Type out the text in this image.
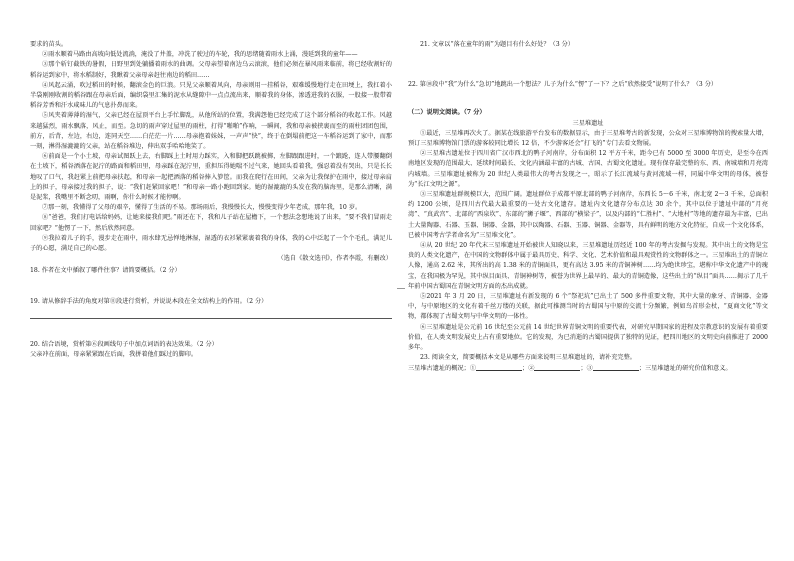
要求的苗头。

②雨水顺着马路由高坡向低处流淌，淹没了井盖，冲洗了驶过的车轮，我的思绪随着雨水上涌，漫延到我的童年——

③那个斩钉截铁的暑假，日野里到处躺播着雨水的曲调。父母亲望着南边乌云滚滚，他们必须在暴风雨来临前，将已经收割好的稻谷运到家中，将水稻制好，我瞅着父亲母亲赶往南边的稻田……

④风起云涌，吹过稻田的时候，翻滚金色的巨浪。只见父亲顺着风向，母亲则用一挂稻谷，艰难缓慢地行走在田埂上，我扛着小半袋刚刚收割的稻谷跟在母亲后面，编织袋里汇集的泥水从缝隙中一点点流出来，顺着我的身体，渗透进我的衣服，一股接一股带着稻谷芳香和汗水咸味儿的气息扑鼻而来。

⑤风夹着薄薄的湿气，父亲已经在屋顶平台上手忙脚乱，从他所站的位置，我满怨他已经完成了这个部分稻谷的收起工作。风越来越猛烈，雨水飘落，风止，而至。急切的雨声穿过屋里的雨柱，打得“啪啪”作响，一瞬间，我和母亲被挟裹而至的雨柱团团包围，前方，后背，左边，右边，连同天空……白茫茫一片……母亲抱着妹妹，一声声“快”，终于在倒塌前把这一车稻谷运到了家中，而那一刻，淋得湿漉漉的父亲，站在稻谷堆边，伸出双手哈哈地笑了。

⑥前面是一个小土坡，母亲试图跃上去，右脚踩上土时用力踩实，入和脚把跃跳被掷，左脚跟跟进时，一个踉跄，连人带腰翻倒在土坡下，稻谷洒落在泥泞的路面和稻田里，母亲踩在泥泞里，重担压得她喘不过气来，她回头看着我，强忍着没有哭出，只是长长地叹了口气，我赶紧上前把母亲扶起，和母亲一起把洒落的稻谷捧入箩筐。而我在爬行在田间，父亲为让我保护在雨中，接过母亲肩上的担子，母亲接过我的担子，说：“我们赶紧回家吧！”和母亲一路小跑回到家。她的湿漉漉的头发在我的脑海里，是那么清晰，满是泥浆，我嘴里不断念叨，雨啊，你什么时候才能停啊。

⑦那一刻，我懂得了父母的艰辛，懂得了生活的不易。那场雨后，我慢慢长大，慢慢变得少年老成，那年我，10 岁。

⑧“爸爸，我们打电话给妈妈，让她来接我们吧。”雨还在下，我和儿子站在屋檐下，一个想法念想地说了出来，“要不我们冒雨走回家吧？”他愣了一下，然后欣然同意。

⑨我拉着儿子的手，漫步走在雨中，雨水肆无忌惮地淋湿，湿透的衣衫紧紧裹着我的身体，我的心中泛起了一个个毛孔，满足儿子的心愿，满足自己的心愿。

（选自《散文选刊》，作者李霞，有删改）

18. 作者在文中插叙了哪件往事？请简要概括。（2 分）

19. 请从修辞手法的角度对第⑪段进行赏析，并说说本段在全文结构上的作用。（2 分）

20. 结合语境，赏析第⑥段画线句子中加点词语的表达效果。（2 分）

父亲冲在前面，母亲紧紧跟在后面，我拼着他们踩过的脚印。

21. 文章以“落在童年的雨”为题目有什么好处？（3 分）

22. 第⑩段中“我”为什么“急切”地跳出一个想法？儿子为什么“愣”了一下？之后“欣然接受”说明了什么？（3 分）

（二）说明文阅读。（7 分）

三星堆遗址

①最近，三星堆再次火了。据某在线旅游平台发布的数据显示，由于三星堆考古的新发现，公众对三星堆博物馆的搜索量大增，预订三星堆博物馆门票的游客较同比增长 12 倍，不少游客还会“打飞的”专门去看文物展。

②三星堆古遗址位于四川省广汉市西北的鸭子河南岸，分布面积 12 平方千米，距今已有 5000 至 3000 年历史，是至今在西南地区发现的范围最大、延续时间最长、文化内涵最丰富的古城、古国、古蜀文化遗址。现有保存最完整的东、西、南城墙和月亮湾内城墙。三星堆遗址被称为 20 世纪人类最伟大的考古发现之一，昭示了长江流域与黄河流域一样，同属中华文明的母体，被誉为“长江文明之源”。

③三星堆遗址群规模巨大，范围广阔。遗址群位于成都平原北部的鸭子河南岸，东西长 5～6 千米，南北宽 2～3 千米，总面积约 1200 公顷，是四川古代最大最重要的一处古文化遗存。遗址内文化遗存分布点达 30 余个，其中以位于遗址中部的“月亮湾”、“真武宫”、北部的“西泉坎”、东部的“狮子堰”、西部的“横梁子”，以及内部的“仁胜村”、“大地村”等地的遗存最为丰富，已出土大量陶器、石器、玉器、铜器、金器，其中以陶器、石器、玉器、铜器、金器等，具有鲜明的地方文化特征，自成一个文化体系，已被中国考古学者命名为“三星堆文化”。

④从 20 世纪 20 年代末三星堆遗址开始被世人知晓以来，三星堆遗址历经近 100 年的考古发掘与发现。其中出土的文物是宝贵的人类文化遗产，在中国的文物群体中属于最具历史、科学、文化、艺术价值和最具观赏性的文物群体之一。三星堆出土的青铜立人像，通高 2.62 米，其所出的高 1.38 米的青铜面具，更有高达 3.95 米的青铜神树……均为绝世珍宝，堪称中华文化遗产中的瑰宝，在我国极为罕见，其中纵目面具、青铜神树等，被誉为世界上最早的、最大的青铜造像，这些出土的“纵目”面具……揭示了几千年前中国古蜀国在青铜文明方面的杰出成就。

⑤2021 年 3 月 20 日，三星堆遗址有新发现的 6 个“祭祀坑”已出土了 500 多件重要文物，其中大量的象牙、青铜器、金器中，与中原地区的文化有着千丝万缕的关联，据此可推测当时的古蜀国与中原的交流十分频繁，例如鸟首形金杖，“夏商文化”等文物，都体现了古蜀文明与中华文明的一体性。

⑥三星堆遗址是公元前 16 世纪至公元前 14 世纪世界青铜文明的重要代表，对研究早期国家的进程及宗教意识的发展有着重要价值，在人类文明发展史上占有重要地位。它的发现，为已消逝的古蜀国提供了独特的见证，把四川地区的文明史向前推进了 2000 多年。

23. 阅读全文，简要概括本文是从哪些方面来说明三星堆遗址的，请补充完整。

三星堆古遗址的概况；①	；②	；③	；三星堆遗址的研究价值和意义。
